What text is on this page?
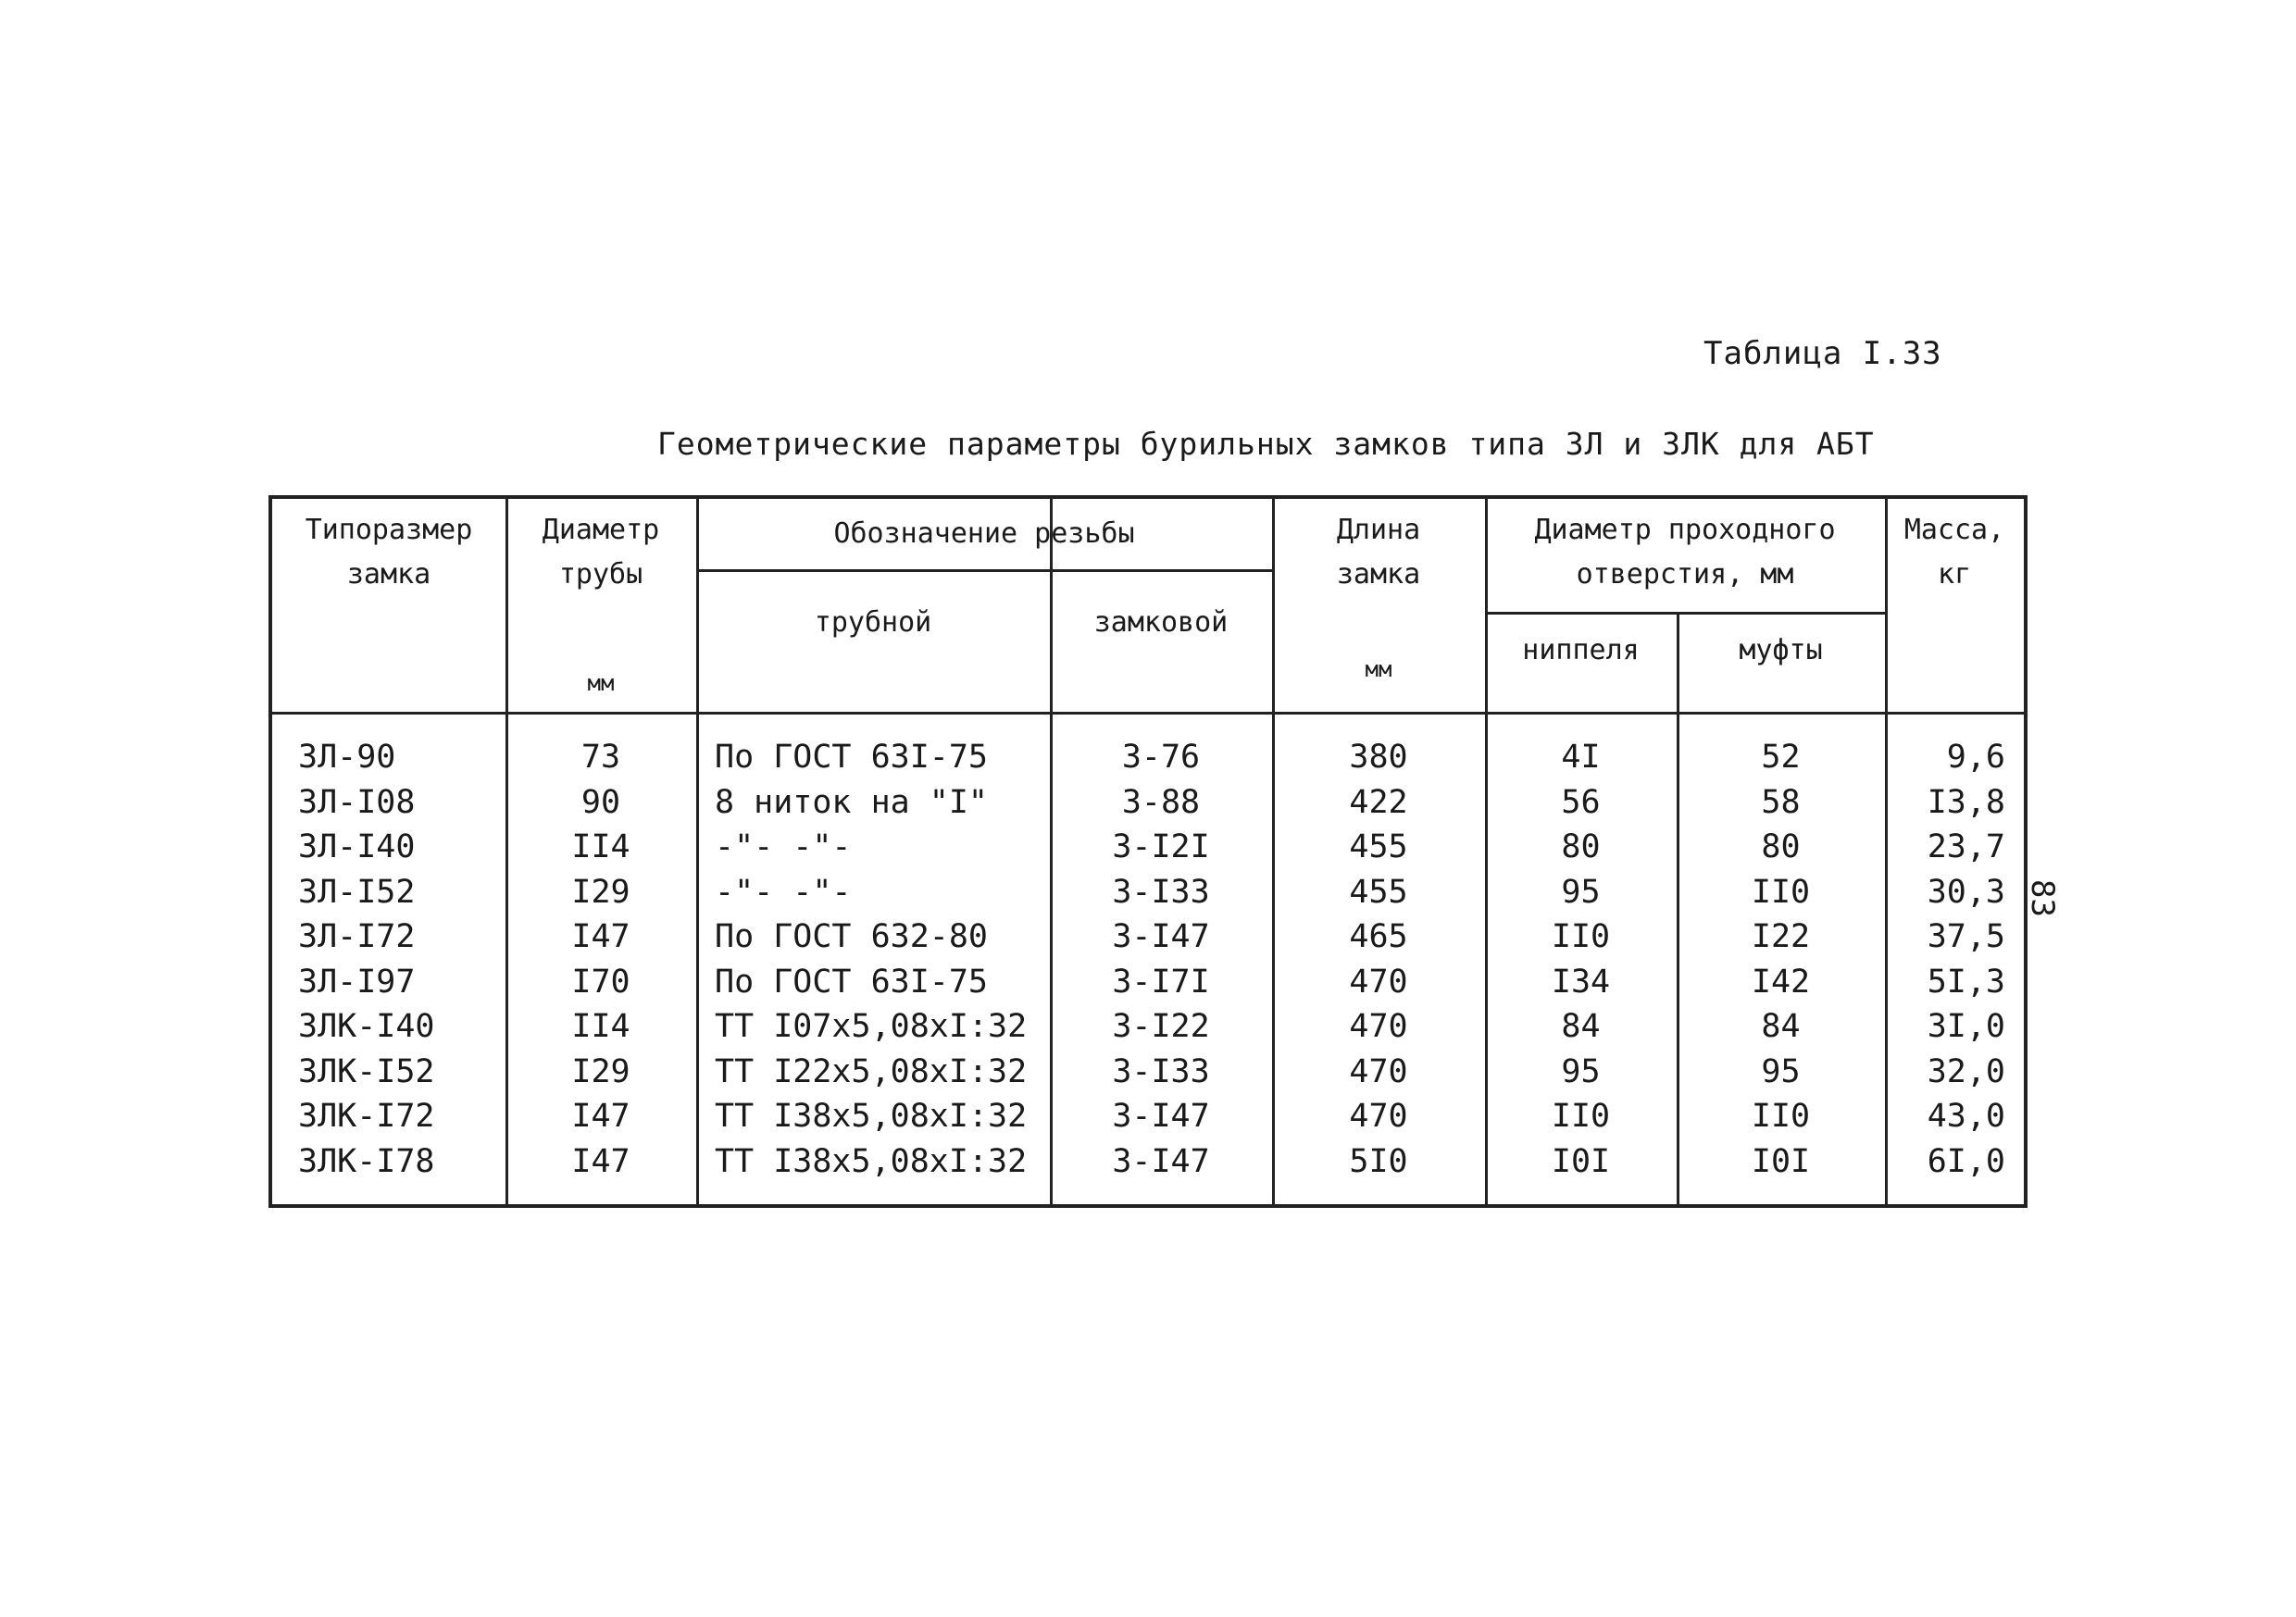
Таблица I.33
Геометрические параметры бурильных замков типа ЗЛ и ЗЛК для АБТ
83
Типоразмер
замка
Диаметр
трубы
мм
Обозначение резьбы
трубной	замковой
Длина
замка
мм
Диаметр проходного
отверстия, мм
ниппеля	муфты
Масса,
кг
ЗЛ-90	73	По ГОСТ 63I-75	З-76	380	4I	52	9,6
ЗЛ-I08	90	8 ниток на "I"	З-88	422	56	58	I3,8
ЗЛ-I40	II4	-"- -"-	З-I2I	455	80	80	23,7
ЗЛ-I52	I29	-"- -"-	З-I33	455	95	II0	30,3
ЗЛ-I72	I47	По ГОСТ 632-80	З-I47	465	II0	I22	37,5
ЗЛ-I97	I70	По ГОСТ 63I-75	З-I7I	470	I34	I42	5I,3
ЗЛК-I40	II4	ТТ I07x5,08xI:32	З-I22	470	84	84	3I,0
ЗЛК-I52	I29	ТТ I22x5,08xI:32	З-I33	470	95	95	32,0
ЗЛК-I72	I47	ТТ I38x5,08xI:32	З-I47	470	II0	II0	43,0
ЗЛК-I78	I47	ТТ I38x5,08xI:32	З-I47	5I0	I0I	I0I	6I,0
